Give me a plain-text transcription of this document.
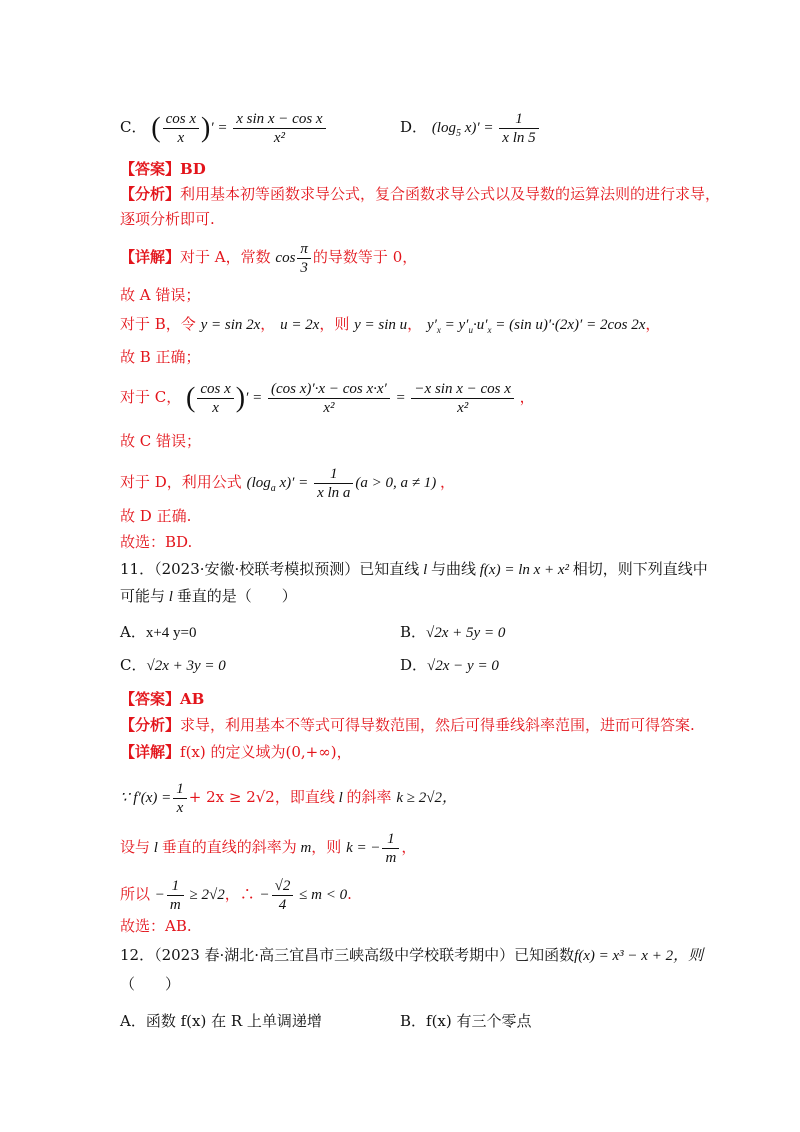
C． ( $\frac{\text{cos x}}{x}$ )′ = $\frac{\text{x sin x − cos x}}{\text{x²}}$	D． ($\log_5$ $x)' = \frac{1}{\text{x ln 5}}$
【答案】BD
【分析】利用基本初等函数求导公式，复合函数求导公式以及导数的运算法则的进行求导，
逐项分析即可.
【详解】对于 A，常数 $\cos \frac{\pi}{3}$ 的导数等于 0，
故 A 错误；
对于 B，令 y = sin 2x， u = 2x，则 y = sin u， $y'_x = y'_u\cdot u'_x = (\sin$ u)′·(2x)′ = 2cos 2x，
故 B 正确；
对于 C， ( $\frac{\text{cos x}}{x}$ )′ = $\frac{\text{(cos x)′·x − cos x·x′}}{\text{x²}} = \frac{\text{−x sin x − cos x}}{\text{x²}}$ ，
故 C 错误；
对于 D，利用公式 ($\log_a$ $x)' = \frac{1}{\text{x ln a}} (a > 0$, a ≠ 1) ，
故 D 正确.
故选：BD.
11．（2023·安徽·校联考模拟预测）已知直线 l 与曲线 f(x) = ln x + x² 相切，则下列直线中
可能与 l 垂直的是（　　）
A．x+4 y=0	B．√2x + 5y = 0
C．√2x + 3y = 0	D．√2x − y = 0
【答案】AB
【分析】求导，利用基本不等式可得导数范围，然后可得垂线斜率范围，进而可得答案.
【详解】f(x) 的定义域为(0,+∞)，
∵ $f'(x) = \frac{1}{x} + 2x \ge 2√2$，即直线 l 的斜率 k ≥ 2√2，
设与 l 垂直的直线的斜率为 m，则 k = − $\frac{1}{m}$ ，
所以 − $\frac{1}{m} \ge 2√2$，∴ − $\frac{√2}{4} \le m < 0$.
故选：AB.
12．（2023 春·湖北·高三宜昌市三峡高级中学校联考期中）已知函数f(x) = x³ − x + 2，则
（　　）
A．函数 f(x) 在 R 上单调递增	B．f(x) 有三个零点
